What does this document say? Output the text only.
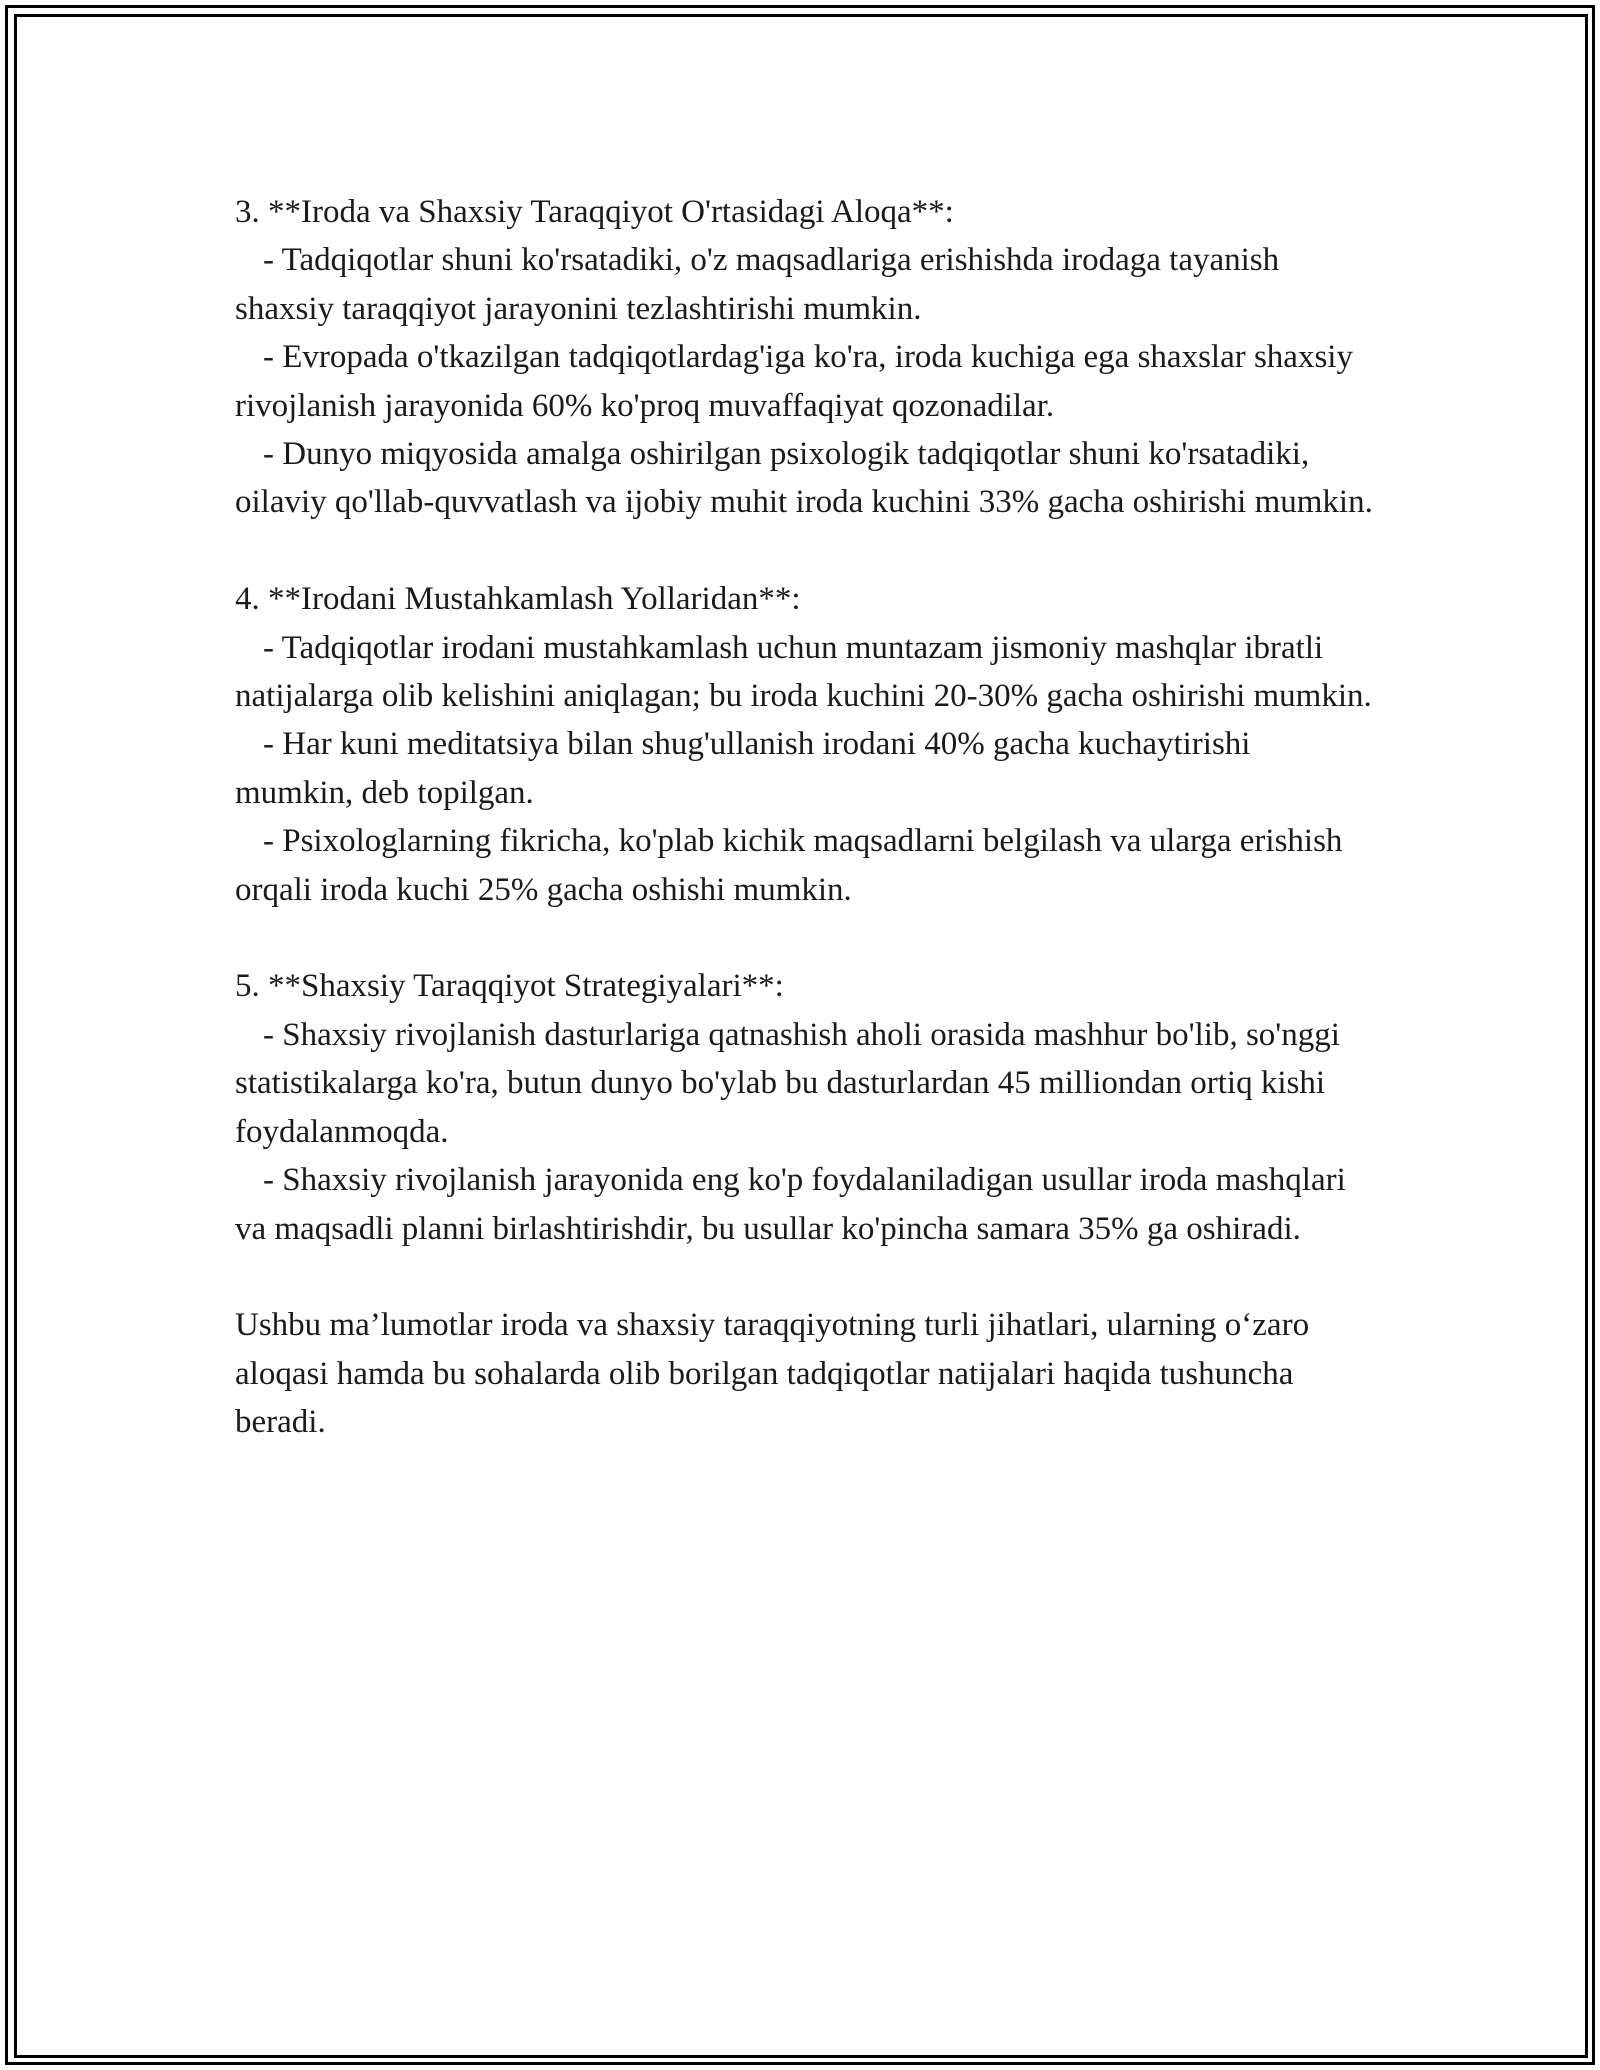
3. **Iroda va Shaxsiy Taraqqiyot O'rtasidagi Aloqa**:

- Tadqiqotlar shuni ko'rsatadiki, o'z maqsadlariga erishishda irodaga tayanish shaxsiy taraqqiyot jarayonini tezlashtirishi mumkin.

- Evropada o'tkazilgan tadqiqotlardag'iga ko'ra, iroda kuchiga ega shaxslar shaxsiy rivojlanish jarayonida 60% ko'proq muvaffaqiyat qozonadilar.

- Dunyo miqyosida amalga oshirilgan psixologik tadqiqotlar shuni ko'rsatadiki, oilaviy qo'llab-quvvatlash va ijobiy muhit iroda kuchini 33% gacha oshirishi mumkin.

4. **Irodani Mustahkamlash Yollaridan**:

- Tadqiqotlar irodani mustahkamlash uchun muntazam jismoniy mashqlar ibratli natijalarga olib kelishini aniqlagan; bu iroda kuchini 20-30% gacha oshirishi mumkin.

- Har kuni meditatsiya bilan shug'ullanish irodani 40% gacha kuchaytirishi mumkin, deb topilgan.

- Psixologlarning fikricha, ko'plab kichik maqsadlarni belgilash va ularga erishish orqali iroda kuchi 25% gacha oshishi mumkin.

5. **Shaxsiy Taraqqiyot Strategiyalari**:

- Shaxsiy rivojlanish dasturlariga qatnashish aholi orasida mashhur bo'lib, so'nggi statistikalarga ko'ra, butun dunyo bo'ylab bu dasturlardan 45 milliondan ortiq kishi foydalanmoqda.

- Shaxsiy rivojlanish jarayonida eng ko'p foydalaniladigan usullar iroda mashqlari va maqsadli planni birlashtirishdir, bu usullar ko'pincha samara 35% ga oshiradi.

Ushbu ma’lumotlar iroda va shaxsiy taraqqiyotning turli jihatlari, ularning o‘zaro aloqasi hamda bu sohalarda olib borilgan tadqiqotlar natijalari haqida tushuncha beradi.
